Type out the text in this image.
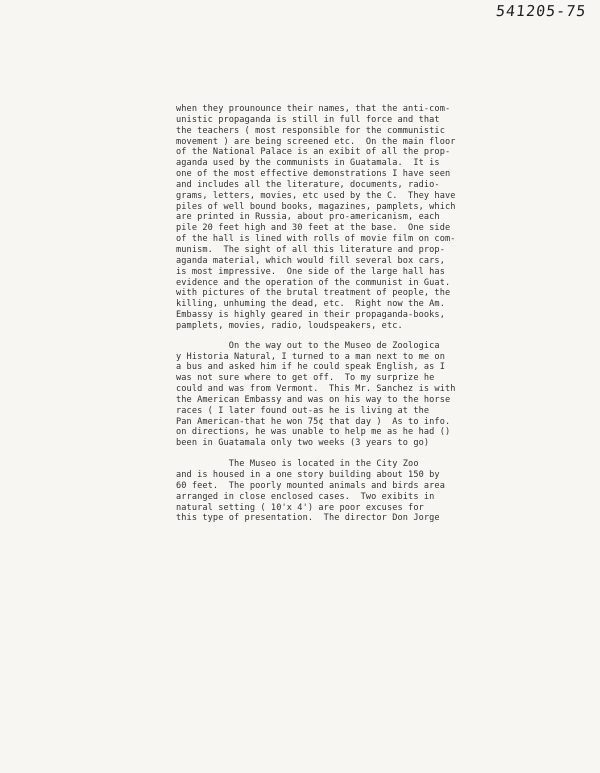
541205-75
when they prounounce their names, that the anti-com-
unistic propaganda is still in full force and that
the teachers ( most responsible for the communistic
movement ) are being screened etc.  On the main floor
of the National Palace is an exibit of all the prop-
aganda used by the communists in Guatamala.  It is
one of the most effective demonstrations I have seen
and includes all the literature, documents, radio-
grams, letters, movies, etc used by the C.  They have
piles of well bound books, magazines, pamplets, which
are printed in Russia, about pro-americanism, each
pile 20 feet high and 30 feet at the base.  One side
of the hall is lined with rolls of movie film on com-
munism.  The sight of all this literature and prop-
aganda material, which would fill several box cars,
is most impressive.  One side of the large hall has
evidence and the operation of the communist in Guat.
with pictures of the brutal treatment of people, the
killing, unhuming the dead, etc.  Right now the Am.
Embassy is highly geared in their propaganda-books,
pamplets, movies, radio, loudspeakers, etc.
On the way out to the Museo de Zoologica
y Historia Natural, I turned to a man next to me on
a bus and asked him if he could speak English, as I
was not sure where to get off.  To my surprize he
could and was from Vermont.  This Mr. Sanchez is with
the American Embassy and was on his way to the horse
races ( I later found out-as he is living at the
Pan American-that he won 75¢ that day )  As to info.
on directions, he was unable to help me as he had ()
been in Guatamala only two weeks (3 years to go)
The Museo is located in the City Zoo
and is housed in a one story building about 150 by
60 feet.  The poorly mounted animals and birds area
arranged in close enclosed cases.  Two exibits in
natural setting ( 10'x 4') are poor excuses for
this type of presentation.  The director Don Jorge
